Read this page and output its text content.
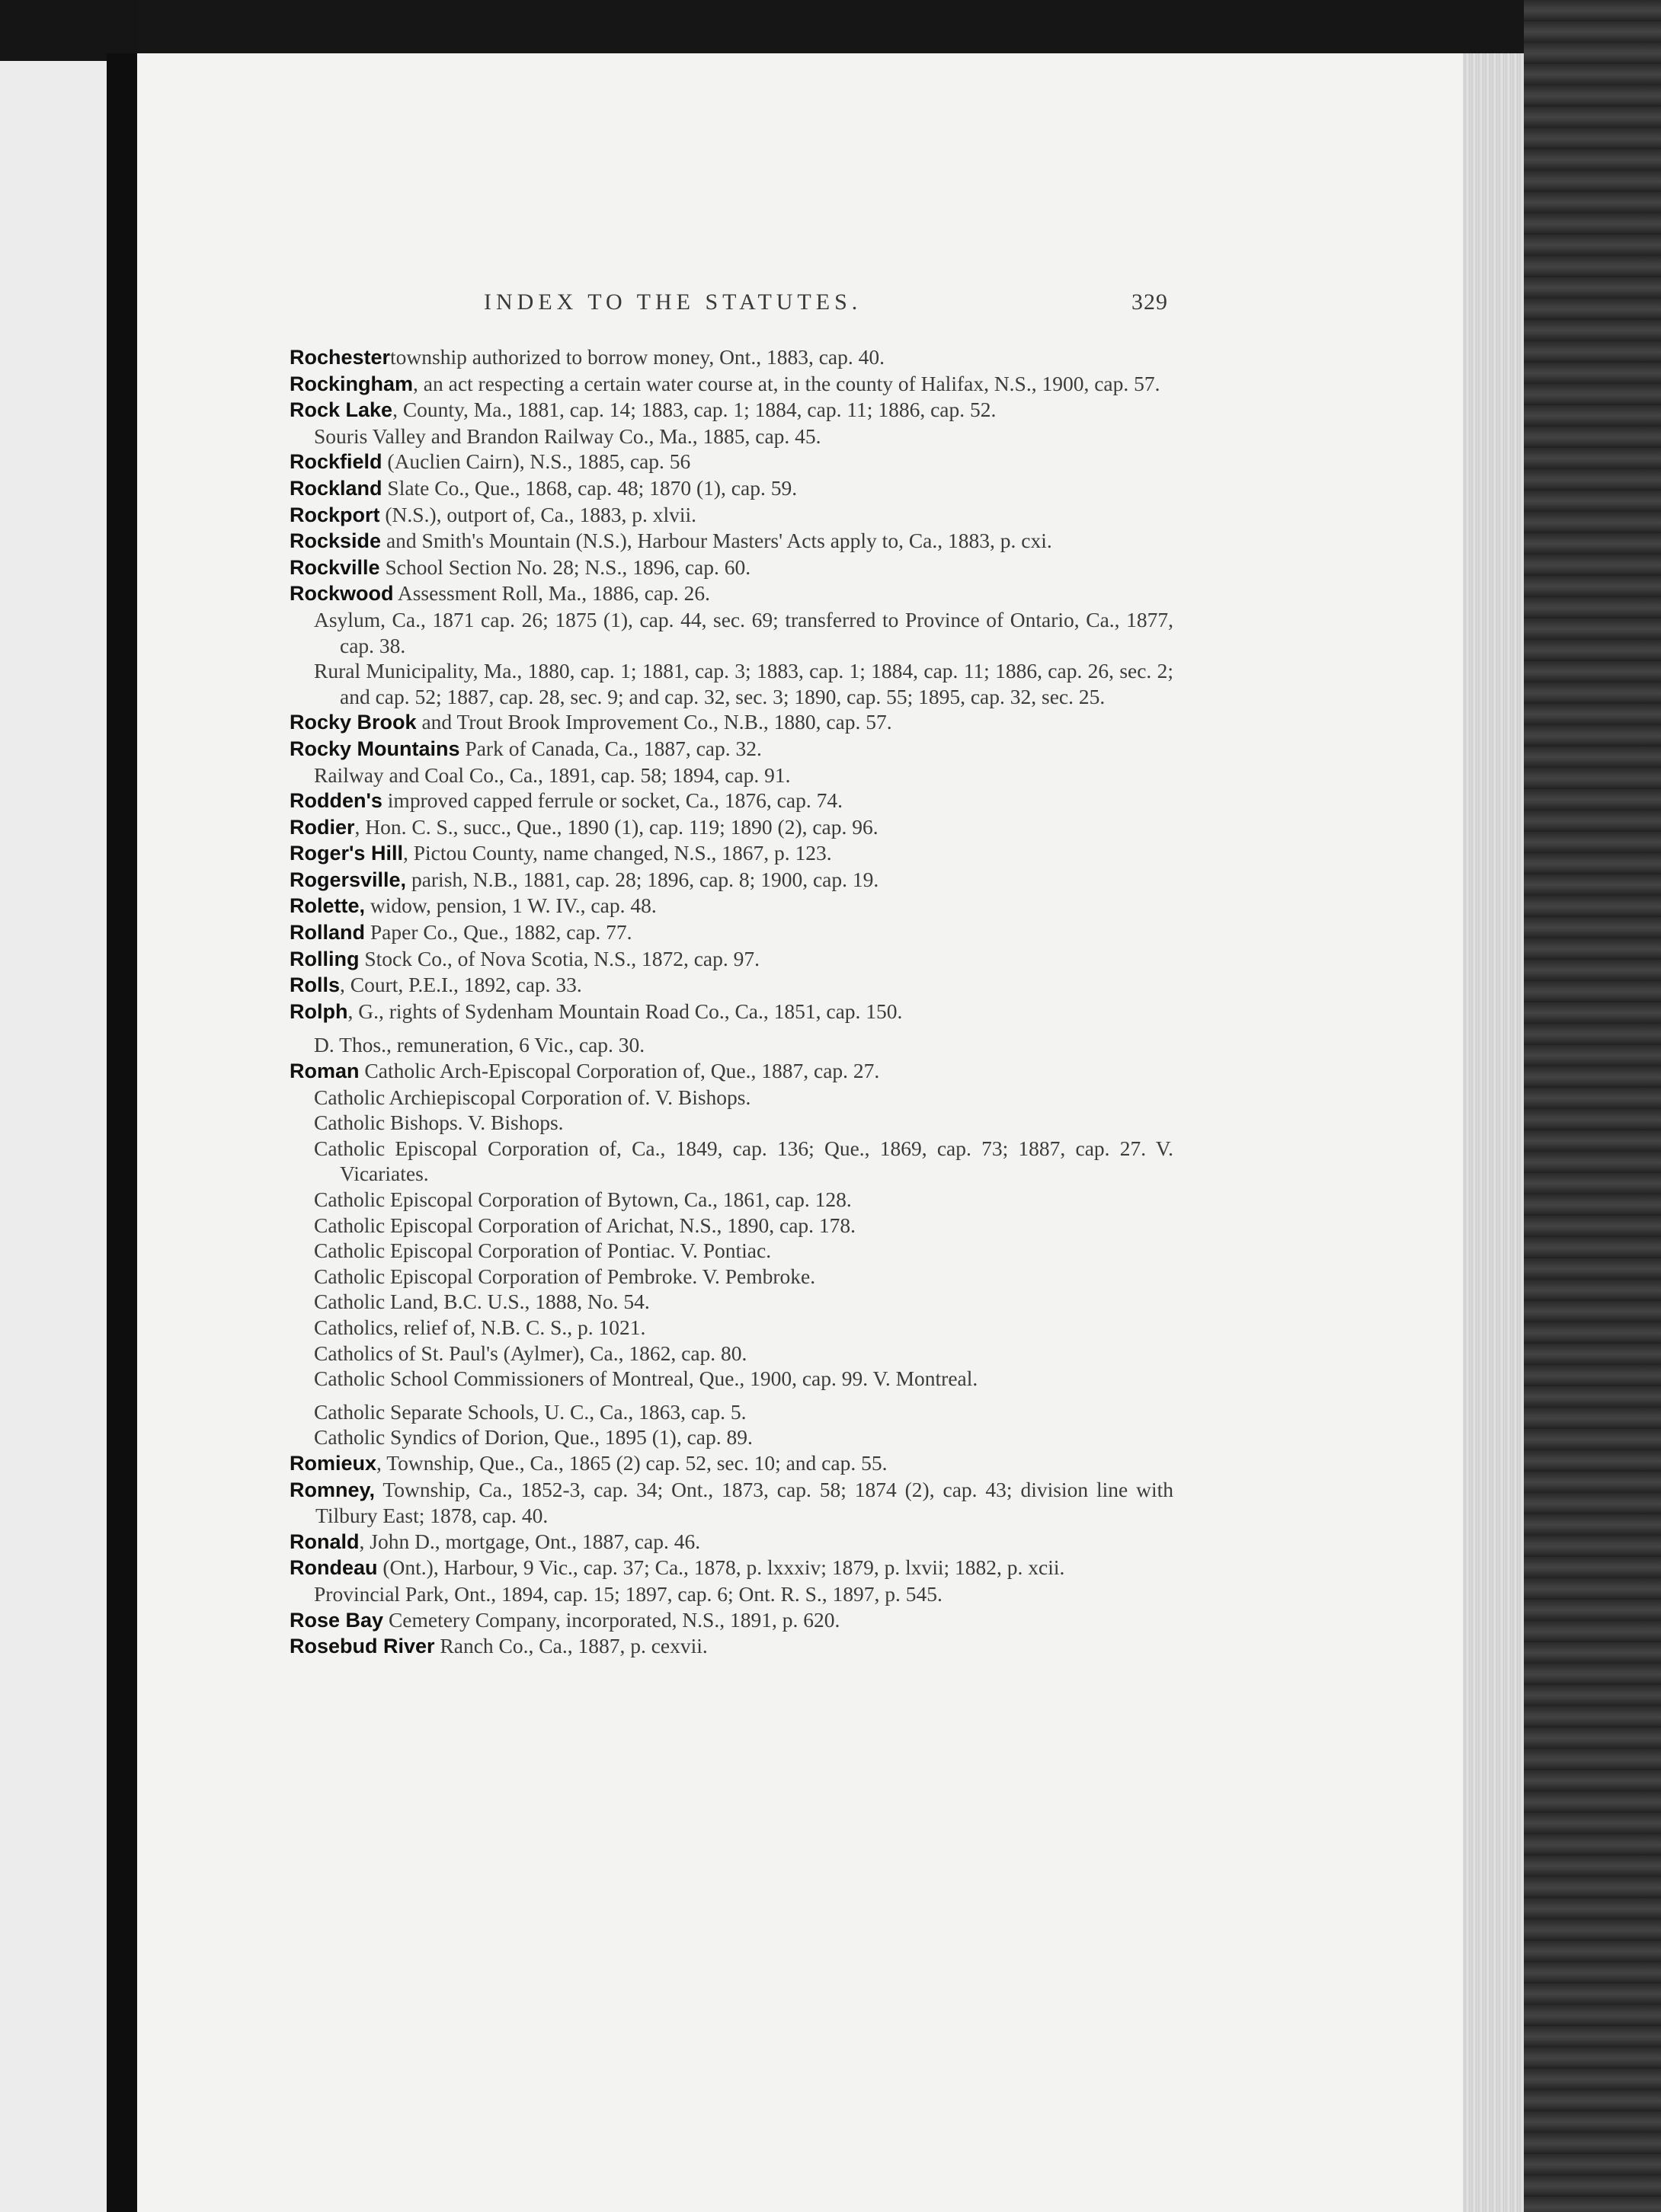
INDEX TO THE STATUTES.	329

Rochestertownship authorized to borrow money, Ont., 1883, cap. 40.

Rockingham, an act respecting a certain water course at, in the county of Halifax, N.S., 1900, cap. 57.

Rock Lake, County, Ma., 1881, cap. 14; 1883, cap. 1; 1884, cap. 11; 1886, cap. 52.

Souris Valley and Brandon Railway Co., Ma., 1885, cap. 45.

Rockfield (Auclien Cairn), N.S., 1885, cap. 56

Rockland Slate Co., Que., 1868, cap. 48; 1870 (1), cap. 59.

Rockport (N.S.), outport of, Ca., 1883, p. xlvii.

Rockside and Smith's Mountain (N.S.), Harbour Masters' Acts apply to, Ca., 1883, p. cxi.

Rockville School Section No. 28; N.S., 1896, cap. 60.

Rockwood Assessment Roll, Ma., 1886, cap. 26.

Asylum, Ca., 1871 cap. 26; 1875 (1), cap. 44, sec. 69; transferred to Province of Ontario, Ca., 1877, cap. 38.

Rural Municipality, Ma., 1880, cap. 1; 1881, cap. 3; 1883, cap. 1; 1884, cap. 11; 1886, cap. 26, sec. 2; and cap. 52; 1887, cap. 28, sec. 9; and cap. 32, sec. 3; 1890, cap. 55; 1895, cap. 32, sec. 25.

Rocky Brook and Trout Brook Improvement Co., N.B., 1880, cap. 57.

Rocky Mountains Park of Canada, Ca., 1887, cap. 32.

Railway and Coal Co., Ca., 1891, cap. 58; 1894, cap. 91.

Rodden's improved capped ferrule or socket, Ca., 1876, cap. 74.

Rodier, Hon. C. S., succ., Que., 1890 (1), cap. 119; 1890 (2), cap. 96.

Roger's Hill, Pictou County, name changed, N.S., 1867, p. 123.

Rogersville, parish, N.B., 1881, cap. 28; 1896, cap. 8; 1900, cap. 19.

Rolette, widow, pension, 1 W. IV., cap. 48.

Rolland Paper Co., Que., 1882, cap. 77.

Rolling Stock Co., of Nova Scotia, N.S., 1872, cap. 97.

Rolls, Court, P.E.I., 1892, cap. 33.

Rolph, G., rights of Sydenham Mountain Road Co., Ca., 1851, cap. 150.

D. Thos., remuneration, 6 Vic., cap. 30.

Roman Catholic Arch-Episcopal Corporation of, Que., 1887, cap. 27.

Catholic Archiepiscopal Corporation of. V. Bishops.

Catholic Bishops. V. Bishops.

Catholic Episcopal Corporation of, Ca., 1849, cap. 136; Que., 1869, cap. 73; 1887, cap. 27. V. Vicariates.

Catholic Episcopal Corporation of Bytown, Ca., 1861, cap. 128.

Catholic Episcopal Corporation of Arichat, N.S., 1890, cap. 178.

Catholic Episcopal Corporation of Pontiac. V. Pontiac.

Catholic Episcopal Corporation of Pembroke. V. Pembroke.

Catholic Land, B.C. U.S., 1888, No. 54.

Catholics, relief of, N.B. C. S., p. 1021.

Catholics of St. Paul's (Aylmer), Ca., 1862, cap. 80.

Catholic School Commissioners of Montreal, Que., 1900, cap. 99. V. Montreal.

Catholic Separate Schools, U. C., Ca., 1863, cap. 5.

Catholic Syndics of Dorion, Que., 1895 (1), cap. 89.

Romieux, Township, Que., Ca., 1865 (2) cap. 52, sec. 10; and cap. 55.

Romney, Township, Ca., 1852-3, cap. 34; Ont., 1873, cap. 58; 1874 (2), cap. 43; division line with Tilbury East; 1878, cap. 40.

Ronald, John D., mortgage, Ont., 1887, cap. 46.

Rondeau (Ont.), Harbour, 9 Vic., cap. 37; Ca., 1878, p. lxxxiv; 1879, p. lxvii; 1882, p. xcii.

Provincial Park, Ont., 1894, cap. 15; 1897, cap. 6; Ont. R. S., 1897, p. 545.

Rose Bay Cemetery Company, incorporated, N.S., 1891, p. 620.

Rosebud River Ranch Co., Ca., 1887, p. cexvii.
